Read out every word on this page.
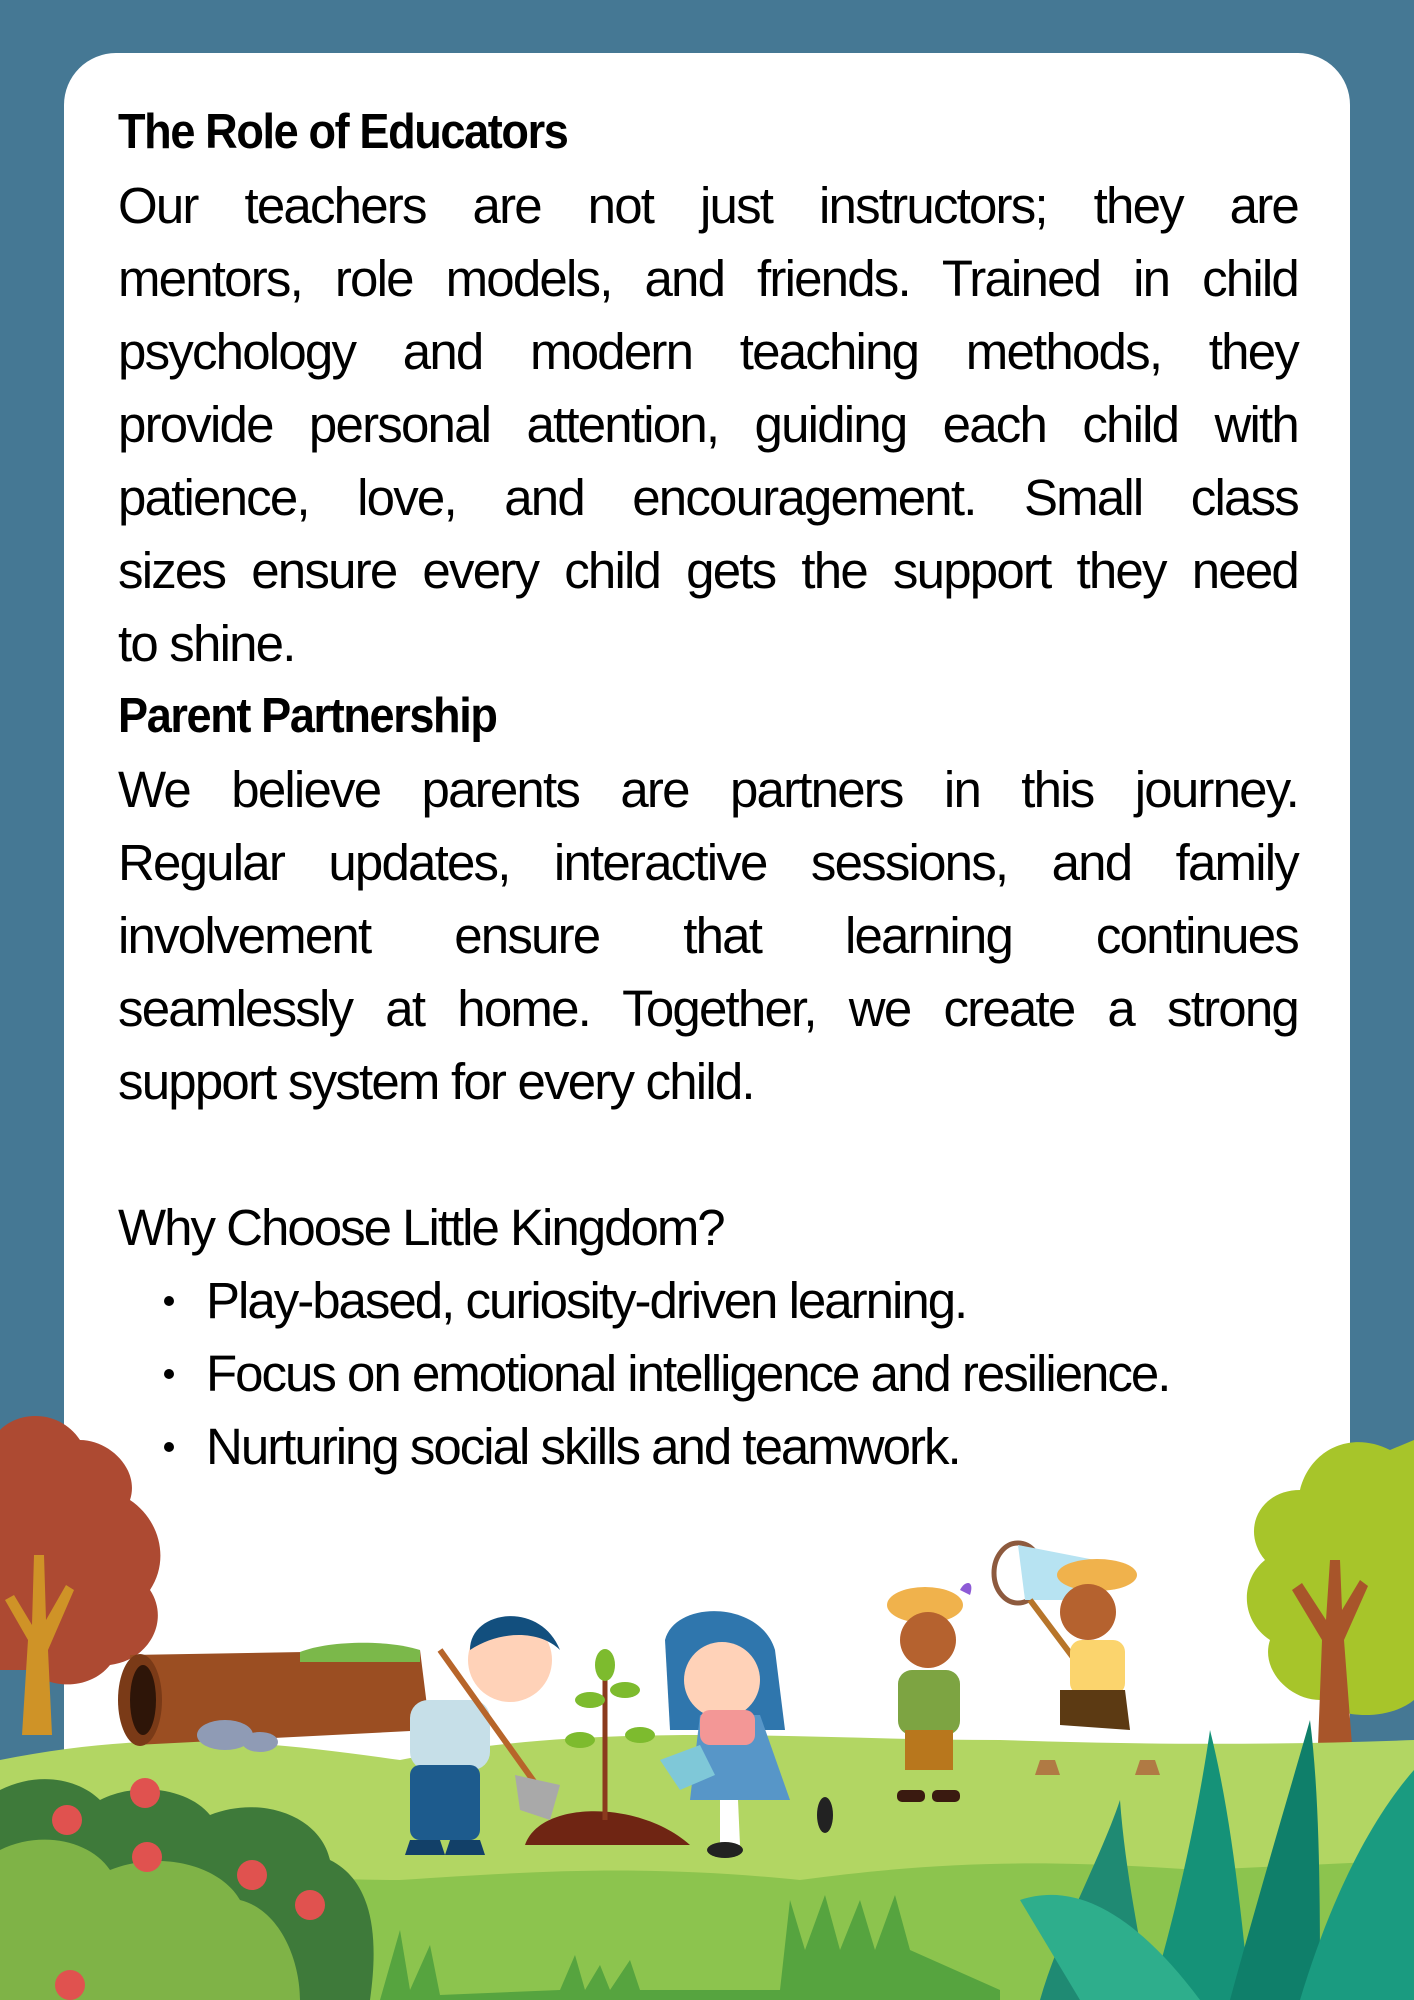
The Role of Educators
Our teachers are not just instructors; they are
mentors, role models, and friends. Trained in child
psychology and modern teaching methods, they
provide personal attention, guiding each child with
patience, love, and encouragement. Small class
sizes ensure every child gets the support they need
to shine.
Parent Partnership
We believe parents are partners in this journey.
Regular updates, interactive sessions, and family
involvement ensure that learning continues
seamlessly at home. Together, we create a strong
support system for every child.
Why Choose Little Kingdom?
Play-based, curiosity-driven learning.
Focus on emotional intelligence and resilience.
Nurturing social skills and teamwork.
